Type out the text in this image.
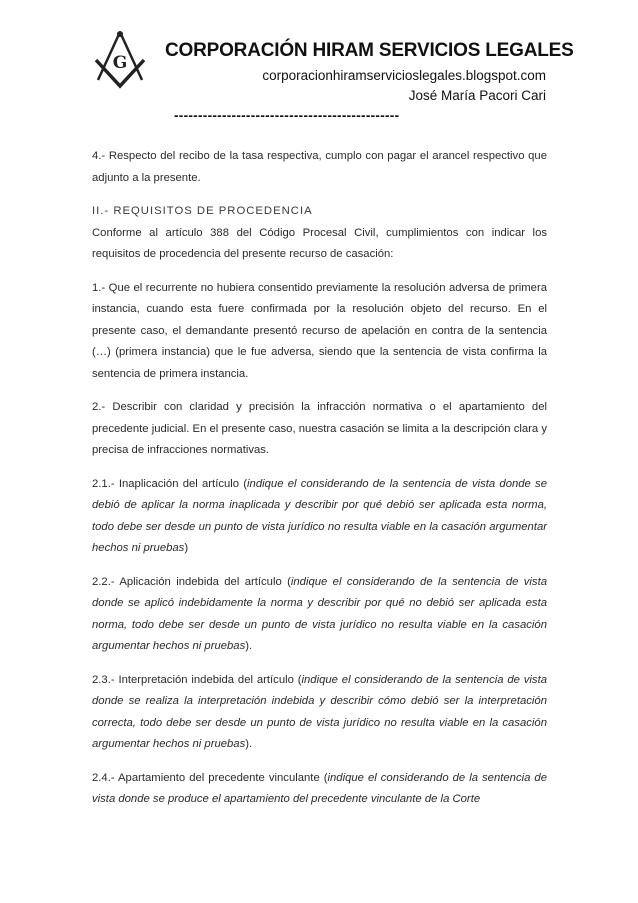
G
CORPORACIÓN HIRAM SERVICIOS LEGALES
corporacionhiramservicioslegales.blogspot.com
José María Pacori Cari
-----------------------------------------------

4.- Respecto del recibo de la tasa respectiva, cumplo con pagar el arancel respectivo que adjunto a la presente.

II.- REQUISITOS DE PROCEDENCIA

Conforme al artículo 388 del Código Procesal Civil, cumplimientos con indicar los requisitos de procedencia del presente recurso de casación:

1.- Que el recurrente no hubiera consentido previamente la resolución adversa de primera instancia, cuando esta fuere confirmada por la resolución objeto del recurso. En el presente caso, el demandante presentó recurso de apelación en contra de la sentencia (…) (primera instancia) que le fue adversa, siendo que la sentencia de vista confirma la sentencia de primera instancia.

2.- Describir con claridad y precisión la infracción normativa o el apartamiento del precedente judicial. En el presente caso, nuestra casación se limita a la descripción clara y precisa de infracciones normativas.

2.1.- Inaplicación del artículo (indique el considerando de la sentencia de vista donde se debió de aplicar la norma inaplicada y describir por qué debió ser aplicada esta norma, todo debe ser desde un punto de vista jurídico no resulta viable en la casación argumentar hechos ni pruebas)

2.2.- Aplicación indebida del artículo (indique el considerando de la sentencia de vista donde se aplicó indebidamente la norma y describir por qué no debió ser aplicada esta norma, todo debe ser desde un punto de vista jurídico no resulta viable en la casación argumentar hechos ni pruebas).

2.3.- Interpretación indebida del artículo (indique el considerando de la sentencia de vista donde se realiza la interpretación indebida y describir cómo debió ser la interpretación correcta, todo debe ser desde un punto de vista jurídico no resulta viable en la casación argumentar hechos ni pruebas).

2.4.- Apartamiento del precedente vinculante (indique el considerando de la sentencia de vista donde se produce el apartamiento del precedente vinculante de la Corte
